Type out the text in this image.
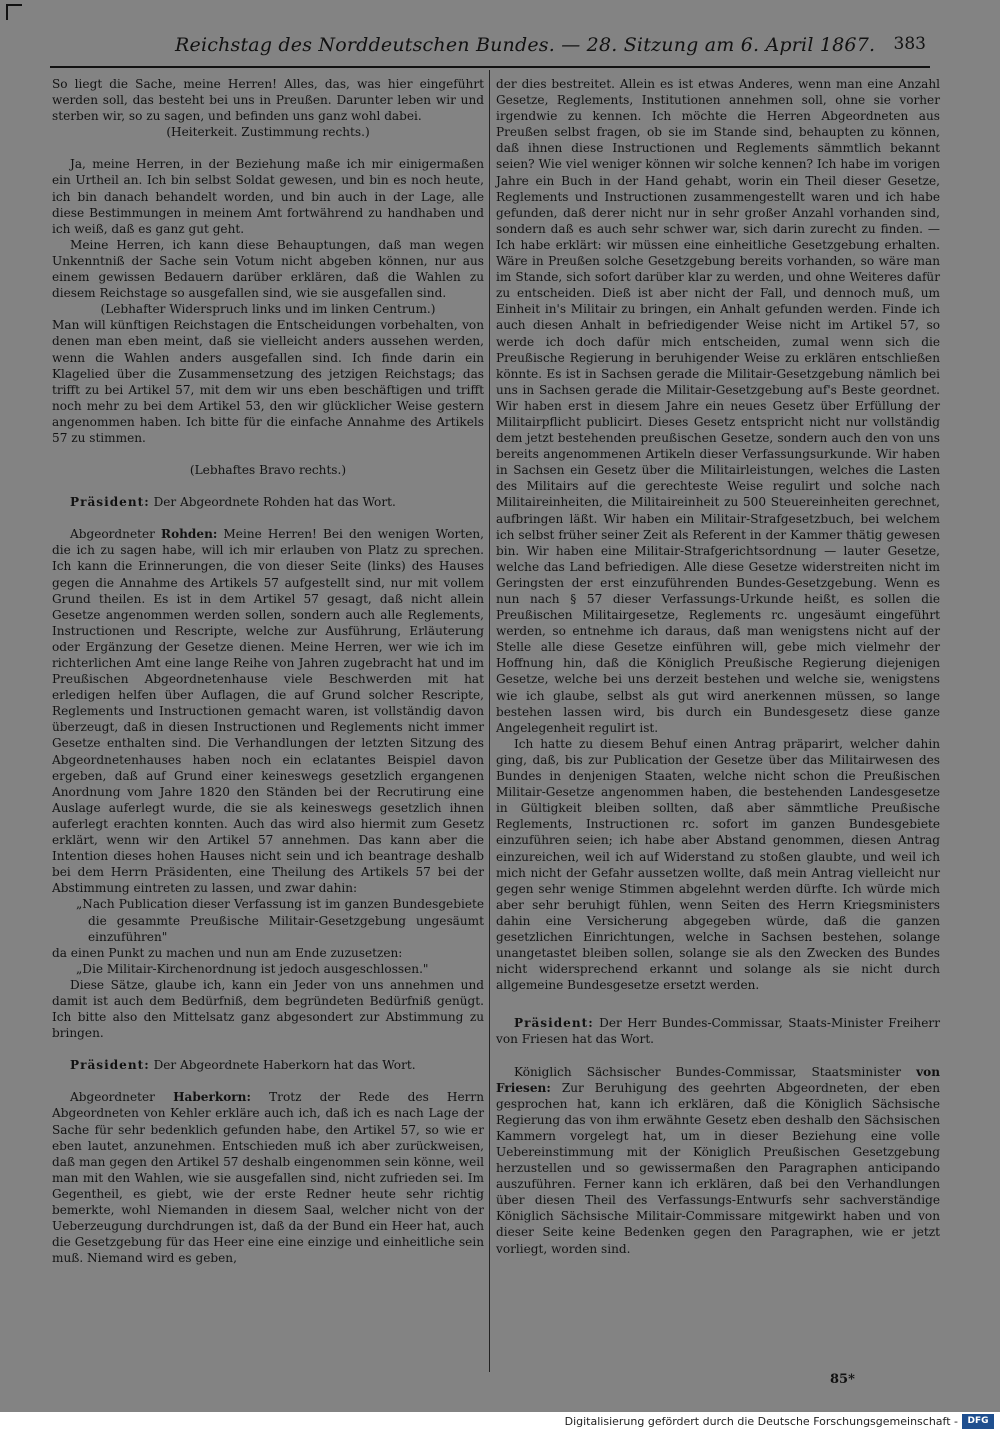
Reichstag des Norddeutschen Bundes. — 28. Sitzung am 6. April 1867. 383

So liegt die Sache, meine Herren! Alles, das, was hier eingeführt werden soll, das besteht bei uns in Preußen. Darunter leben wir und sterben wir, so zu sagen, und befinden uns ganz wohl dabei.

(Heiterkeit. Zustimmung rechts.)

Ja, meine Herren, in der Beziehung maße ich mir einigermaßen ein Urtheil an. Ich bin selbst Soldat gewesen, und bin es noch heute, ich bin danach behandelt worden, und bin auch in der Lage, alle diese Bestimmungen in meinem Amt fortwährend zu handhaben und ich weiß, daß es ganz gut geht.

Meine Herren, ich kann diese Behauptungen, daß man wegen Unkenntniß der Sache sein Votum nicht abgeben können, nur aus einem gewissen Bedauern darüber erklären, daß die Wahlen zu diesem Reichstage so ausgefallen sind, wie sie ausgefallen sind.

(Lebhafter Widerspruch links und im linken Centrum.)

Man will künftigen Reichstagen die Entscheidungen vorbehalten, von denen man eben meint, daß sie vielleicht anders aussehen werden, wenn die Wahlen anders ausgefallen sind. Ich finde darin ein Klagelied über die Zusammensetzung des jetzigen Reichstags; das trifft zu bei Artikel 57, mit dem wir uns eben beschäftigen und trifft noch mehr zu bei dem Artikel 53, den wir glücklicher Weise gestern angenommen haben. Ich bitte für die einfache Annahme des Artikels 57 zu stimmen.

(Lebhaftes Bravo rechts.)

Präsident: Der Abgeordnete Rohden hat das Wort.

Abgeordneter Rohden: Meine Herren! Bei den wenigen Worten, die ich zu sagen habe, will ich mir erlauben von Platz zu sprechen. Ich kann die Erinnerungen, die von dieser Seite (links) des Hauses gegen die Annahme des Artikels 57 aufgestellt sind, nur mit vollem Grund theilen. Es ist in dem Artikel 57 gesagt, daß nicht allein Gesetze angenommen werden sollen, sondern auch alle Reglements, Instructionen und Rescripte, welche zur Ausführung, Erläuterung oder Ergänzung der Gesetze dienen. Meine Herren, wer wie ich im richterlichen Amt eine lange Reihe von Jahren zugebracht hat und im Preußischen Abgeordnetenhause viele Beschwerden mit hat erledigen helfen über Auflagen, die auf Grund solcher Rescripte, Reglements und Instructionen gemacht waren, ist vollständig davon überzeugt, daß in diesen Instructionen und Reglements nicht immer Gesetze enthalten sind. Die Verhandlungen der letzten Sitzung des Abgeordnetenhauses haben noch ein eclatantes Beispiel davon ergeben, daß auf Grund einer keineswegs gesetzlich ergangenen Anordnung vom Jahre 1820 den Ständen bei der Recrutirung eine Auslage auferlegt wurde, die sie als keineswegs gesetzlich ihnen auferlegt erachten konnten. Auch das wird also hiermit zum Gesetz erklärt, wenn wir den Artikel 57 annehmen. Das kann aber die Intention dieses hohen Hauses nicht sein und ich beantrage deshalb bei dem Herrn Präsidenten, eine Theilung des Artikels 57 bei der Abstimmung eintreten zu lassen, und zwar dahin:

„Nach Publication dieser Verfassung ist im ganzen Bundesgebiete die gesammte Preußische Militair-Gesetzgebung ungesäumt einzuführen"

da einen Punkt zu machen und nun am Ende zuzusetzen:

„Die Militair-Kirchenordnung ist jedoch ausgeschlossen."

Diese Sätze, glaube ich, kann ein Jeder von uns annehmen und damit ist auch dem Bedürfniß, dem begründeten Bedürfniß genügt. Ich bitte also den Mittelsatz ganz abgesondert zur Abstimmung zu bringen.

Präsident: Der Abgeordnete Haberkorn hat das Wort.

Abgeordneter Haberkorn: Trotz der Rede des Herrn Abgeordneten von Kehler erkläre auch ich, daß ich es nach Lage der Sache für sehr bedenklich gefunden habe, den Artikel 57, so wie er eben lautet, anzunehmen. Entschieden muß ich aber zurückweisen, daß man gegen den Artikel 57 deshalb eingenommen sein könne, weil man mit den Wahlen, wie sie ausgefallen sind, nicht zufrieden sei. Im Gegentheil, es giebt, wie der erste Redner heute sehr richtig bemerkte, wohl Niemanden in diesem Saal, welcher nicht von der Ueberzeugung durchdrungen ist, daß da der Bund ein Heer hat, auch die Gesetzgebung für das Heer eine eine einzige und einheitliche sein muß. Niemand wird es geben,

der dies bestreitet. Allein es ist etwas Anderes, wenn man eine Anzahl Gesetze, Reglements, Institutionen annehmen soll, ohne sie vorher irgendwie zu kennen. Ich möchte die Herren Abgeordneten aus Preußen selbst fragen, ob sie im Stande sind, behaupten zu können, daß ihnen diese Instructionen und Reglements sämmtlich bekannt seien? Wie viel weniger können wir solche kennen? Ich habe im vorigen Jahre ein Buch in der Hand gehabt, worin ein Theil dieser Gesetze, Reglements und Instructionen zusammengestellt waren und ich habe gefunden, daß derer nicht nur in sehr großer Anzahl vorhanden sind, sondern daß es auch sehr schwer war, sich darin zurecht zu finden. — Ich habe erklärt: wir müssen eine einheitliche Gesetzgebung erhalten. Wäre in Preußen solche Gesetzgebung bereits vorhanden, so wäre man im Stande, sich sofort darüber klar zu werden, und ohne Weiteres dafür zu entscheiden. Dieß ist aber nicht der Fall, und dennoch muß, um Einheit in's Militair zu bringen, ein Anhalt gefunden werden. Finde ich auch diesen Anhalt in befriedigender Weise nicht im Artikel 57, so werde ich doch dafür mich entscheiden, zumal wenn sich die Preußische Regierung in beruhigender Weise zu erklären entschließen könnte. Es ist in Sachsen gerade die Militair-Gesetzgebung nämlich bei uns in Sachsen gerade die Militair-Gesetzgebung auf's Beste geordnet. Wir haben erst in diesem Jahre ein neues Gesetz über Erfüllung der Militairpflicht publicirt. Dieses Gesetz entspricht nicht nur vollständig dem jetzt bestehenden preußischen Gesetze, sondern auch den von uns bereits angenommenen Artikeln dieser Verfassungsurkunde. Wir haben in Sachsen ein Gesetz über die Militairleistungen, welches die Lasten des Militairs auf die gerechteste Weise regulirt und solche nach Militaireinheiten, die Militaireinheit zu 500 Steuereinheiten gerechnet, aufbringen läßt. Wir haben ein Militair-Strafgesetzbuch, bei welchem ich selbst früher seiner Zeit als Referent in der Kammer thätig gewesen bin. Wir haben eine Militair-Strafgerichtsordnung — lauter Gesetze, welche das Land befriedigen. Alle diese Gesetze widerstreiten nicht im Geringsten der erst einzuführenden Bundes-Gesetzgebung. Wenn es nun nach § 57 dieser Verfassungs-Urkunde heißt, es sollen die Preußischen Militairgesetze, Reglements rc. ungesäumt eingeführt werden, so entnehme ich daraus, daß man wenigstens nicht auf der Stelle alle diese Gesetze einführen will, gebe mich vielmehr der Hoffnung hin, daß die Königlich Preußische Regierung diejenigen Gesetze, welche bei uns derzeit bestehen und welche sie, wenigstens wie ich glaube, selbst als gut wird anerkennen müssen, so lange bestehen lassen wird, bis durch ein Bundesgesetz diese ganze Angelegenheit regulirt ist.

Ich hatte zu diesem Behuf einen Antrag präparirt, welcher dahin ging, daß, bis zur Publication der Gesetze über das Militairwesen des Bundes in denjenigen Staaten, welche nicht schon die Preußischen Militair-Gesetze angenommen haben, die bestehenden Landesgesetze in Gültigkeit bleiben sollten, daß aber sämmtliche Preußische Reglements, Instructionen rc. sofort im ganzen Bundesgebiete einzuführen seien; ich habe aber Abstand genommen, diesen Antrag einzureichen, weil ich auf Widerstand zu stoßen glaubte, und weil ich mich nicht der Gefahr aussetzen wollte, daß mein Antrag vielleicht nur gegen sehr wenige Stimmen abgelehnt werden dürfte. Ich würde mich aber sehr beruhigt fühlen, wenn Seiten des Herrn Kriegsministers dahin eine Versicherung abgegeben würde, daß die ganzen gesetzlichen Einrichtungen, welche in Sachsen bestehen, solange unangetastet bleiben sollen, solange sie als den Zwecken des Bundes nicht widersprechend erkannt und solange als sie nicht durch allgemeine Bundesgesetze ersetzt werden.

Präsident: Der Herr Bundes-Commissar, Staats-Minister Freiherr von Friesen hat das Wort.

Königlich Sächsischer Bundes-Commissar, Staatsminister von Friesen: Zur Beruhigung des geehrten Abgeordneten, der eben gesprochen hat, kann ich erklären, daß die Königlich Sächsische Regierung das von ihm erwähnte Gesetz eben deshalb den Sächsischen Kammern vorgelegt hat, um in dieser Beziehung eine volle Uebereinstimmung mit der Königlich Preußischen Gesetzgebung herzustellen und so gewissermaßen den Paragraphen anticipando auszuführen. Ferner kann ich erklären, daß bei den Verhandlungen über diesen Theil des Verfassungs-Entwurfs sehr sachverständige Königlich Sächsische Militair-Commissare mitgewirkt haben und von dieser Seite keine Bedenken gegen den Paragraphen, wie er jetzt vorliegt, worden sind.

85*
Digitalisierung gefördert durch die Deutsche Forschungsgemeinschaft -	DFG
